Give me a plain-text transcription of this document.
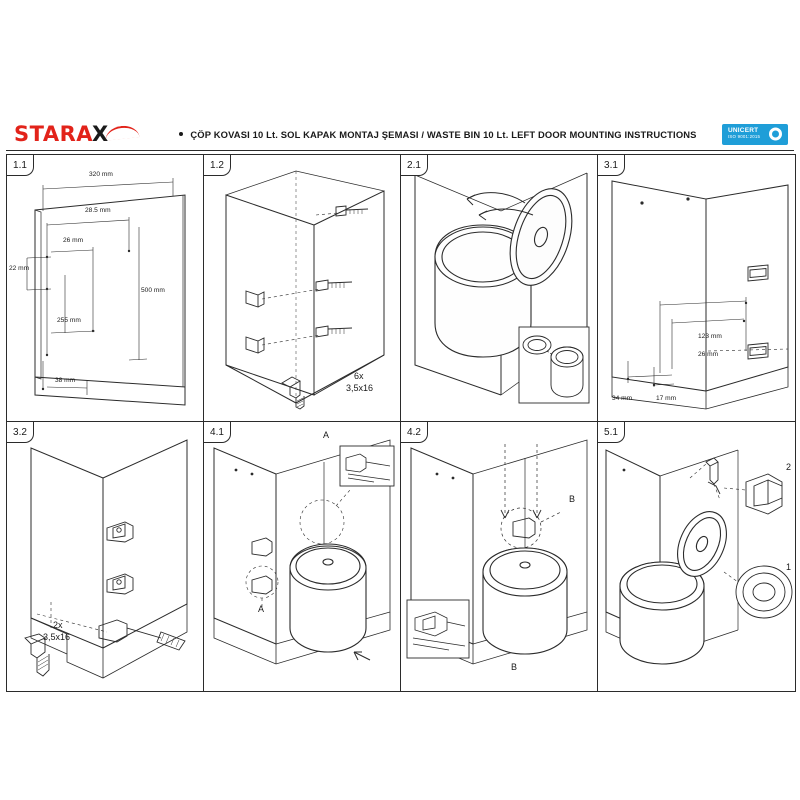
STARA X	ÇÖP KOVASI 10 Lt. SOL KAPAK MONTAJ ŞEMASI / WASTE BIN 10 Lt. LEFT DOOR MOUNTING INSTRUCTIONS	UNICERT
ISO 9001:2015
1.1
320 mm
28.5 mm
26 mm
22 mm
255 mm
500 mm
38 mm
1.2
6x
3,5x16
2.1	3.1
123 mm
26 mm
34 mm	17 mm
3.2
2x
3,5x16
4.1	A
A
4.2
B
B
5.1
2
1
